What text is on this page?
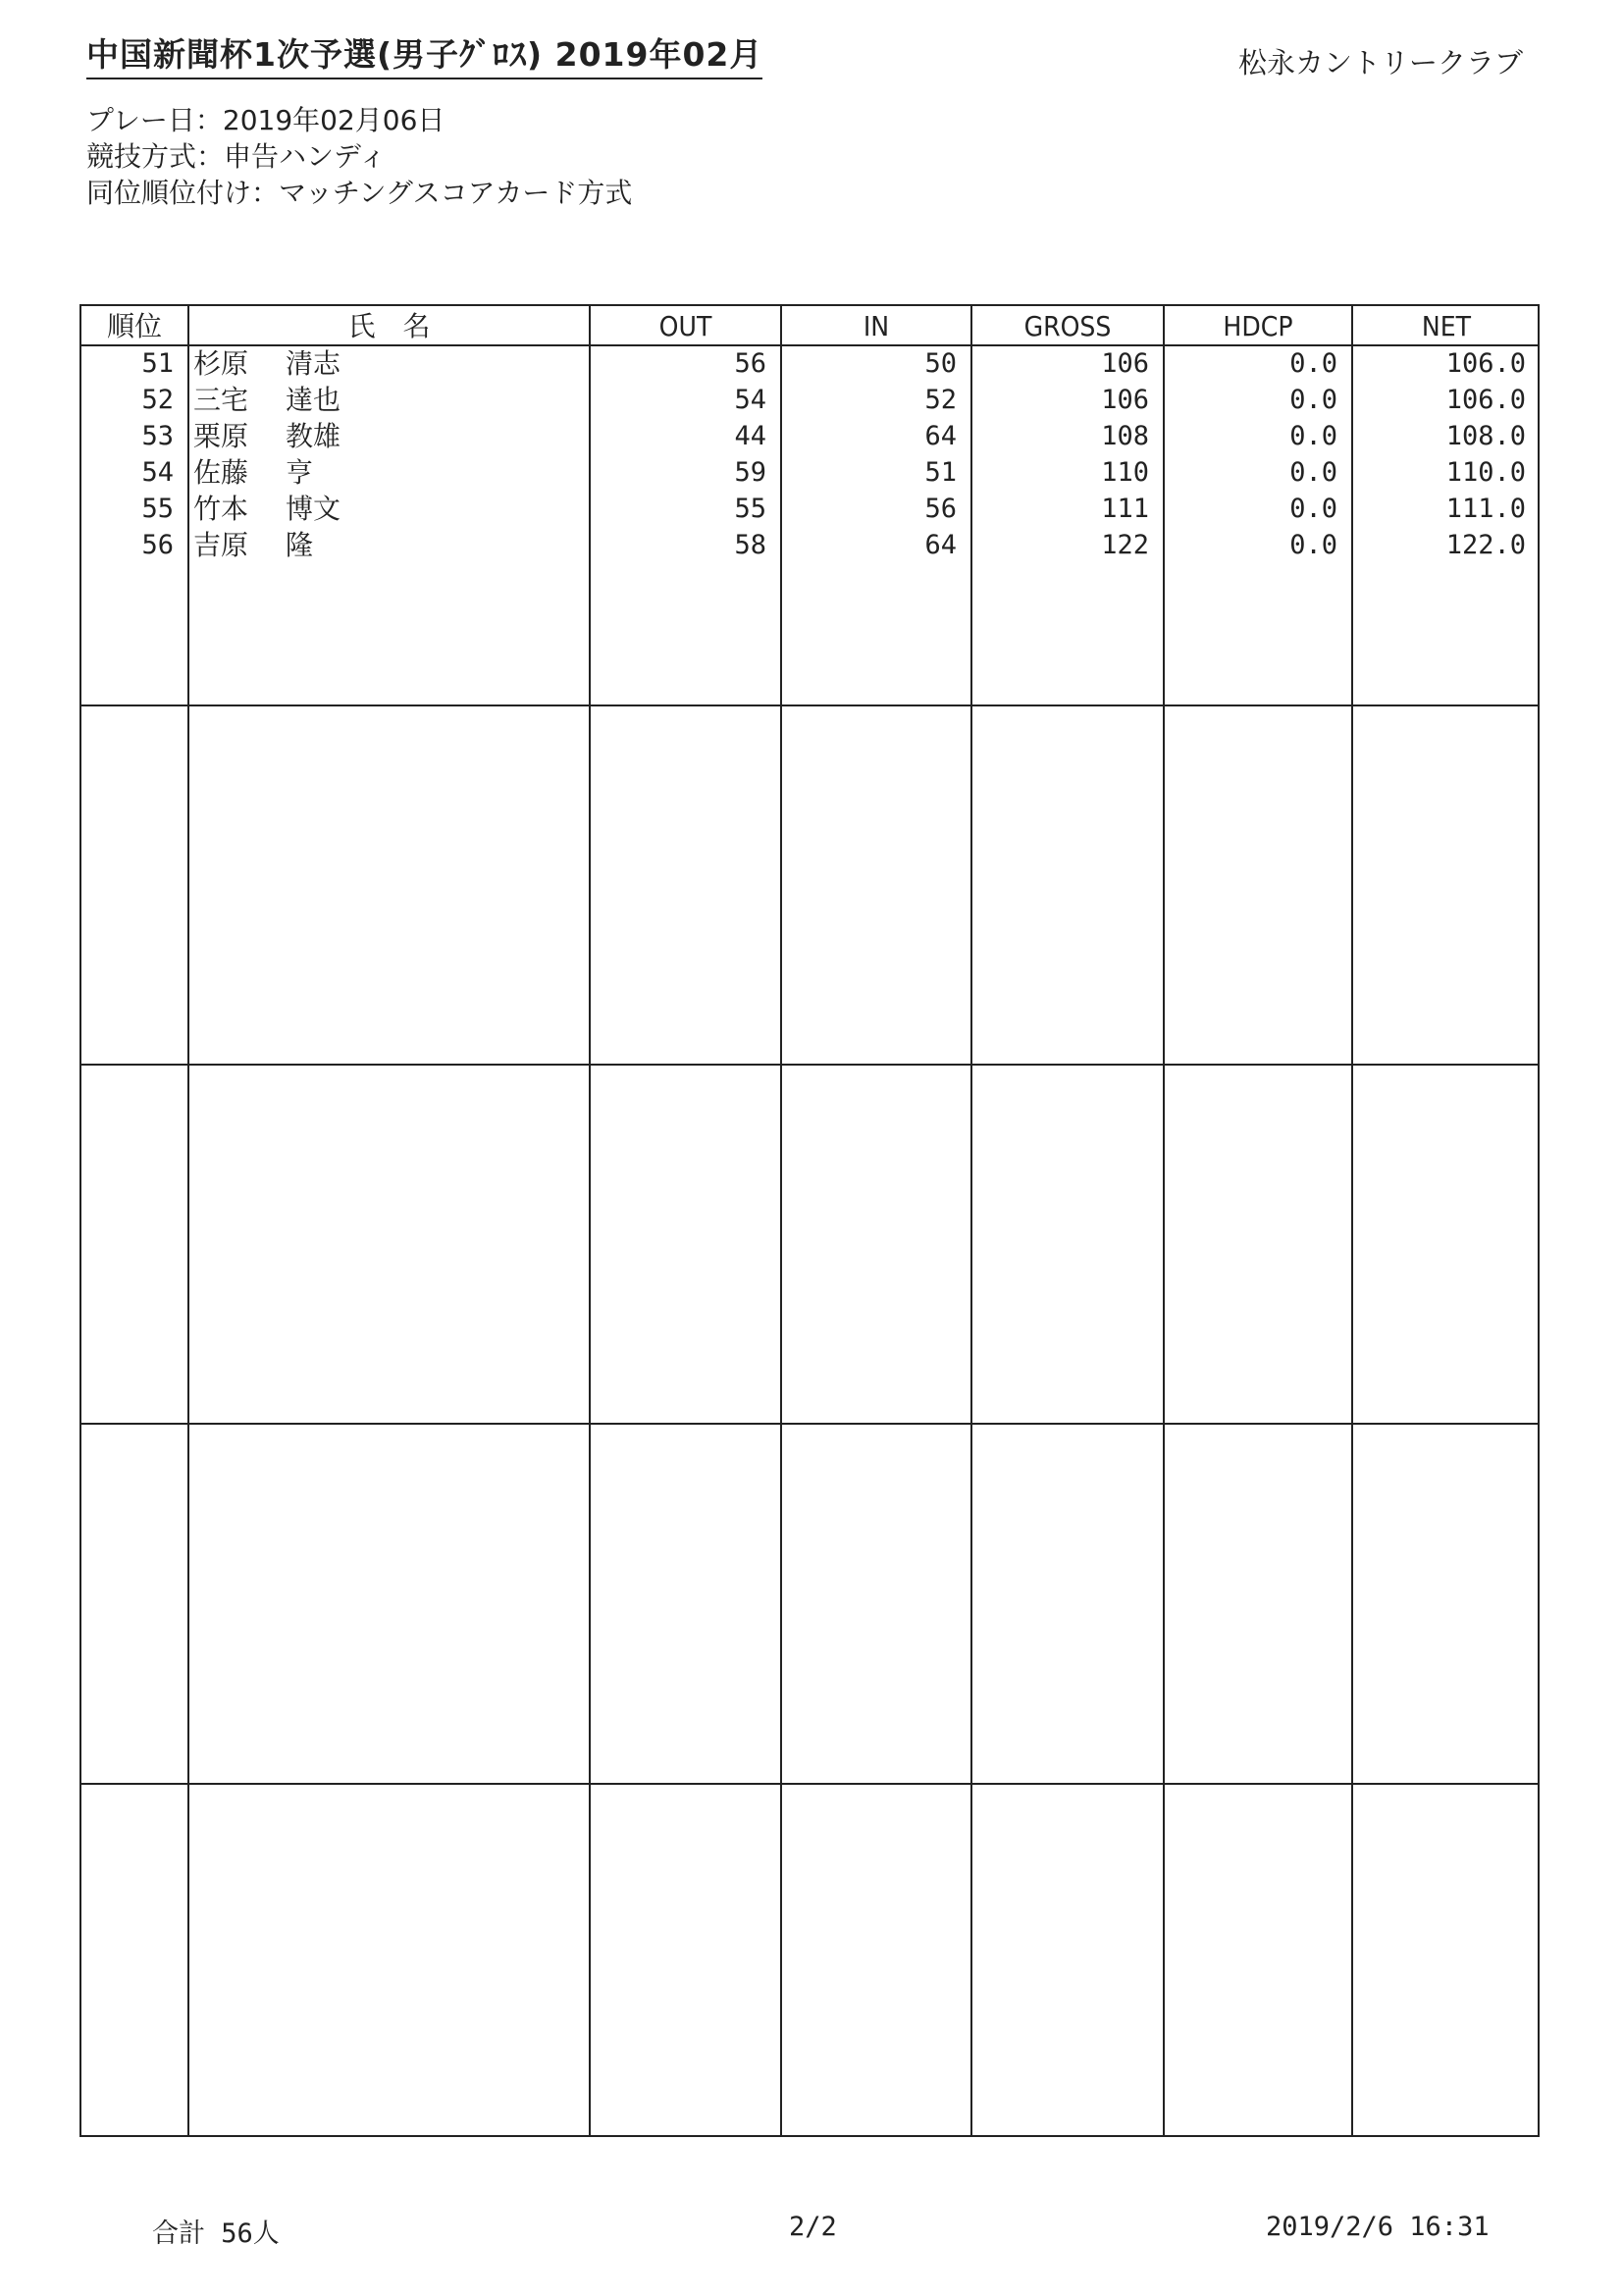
中国新聞杯1次予選(男子ｸﾞﾛｽ) 2019年02月	松永カントリークラブ
プレー日：2019年02月06日
競技方式：申告ハンディ
同位順位付け：マッチングスコアカード方式
順位	氏　名	OUT	IN	GROSS	HDCP	NET
51 杉原 清志	56	50	106	0.0	106.0
52 三宅 達也	54	52	106	0.0	106.0
53 栗原 教雄	44	64	108	0.0	108.0
54 佐藤 亨	59	51	110	0.0	110.0
55 竹本 博文	55	56	111	0.0	111.0
56 吉原 隆	58	64	122	0.0	122.0
合計 56人	2/2	2019/2/6 16:31
